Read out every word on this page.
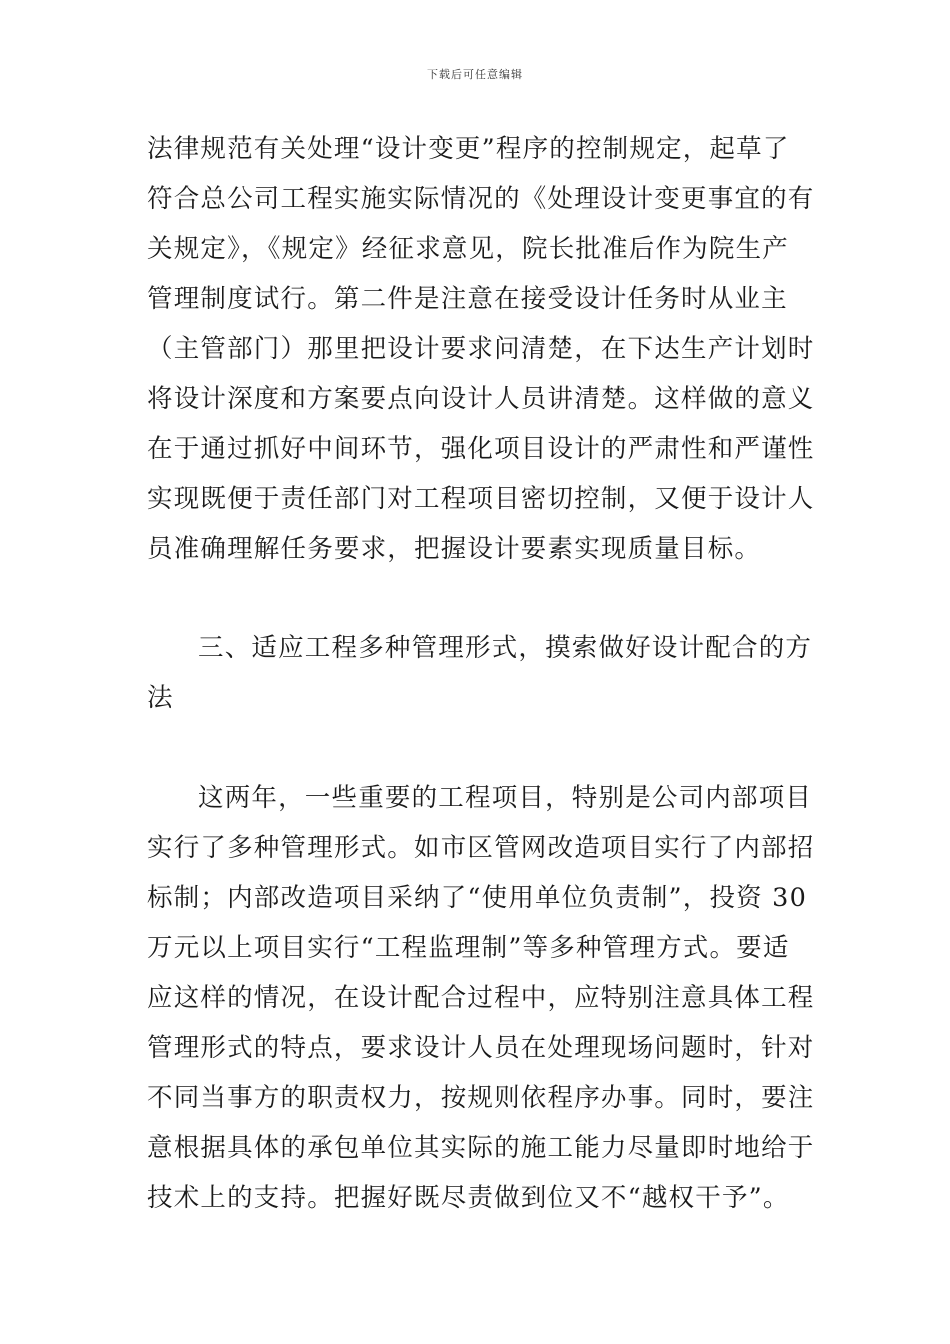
下载后可任意编辑
法律规范有关处理“设计变更”程序的控制规定，起草了
符合总公司工程实施实际情况的《处理设计变更事宜的有
关规定》，《规定》经征求意见，院长批准后作为院生产
管理制度试行。第二件是注意在接受设计任务时从业主
（主管部门）那里把设计要求问清楚，在下达生产计划时
将设计深度和方案要点向设计人员讲清楚。这样做的意义
在于通过抓好中间环节，强化项目设计的严肃性和严谨性
实现既便于责任部门对工程项目密切控制，又便于设计人
员准确理解任务要求，把握设计要素实现质量目标。
三、适应工程多种管理形式，摸索做好设计配合的方
法
这两年，一些重要的工程项目，特别是公司内部项目
实行了多种管理形式。如市区管网改造项目实行了内部招
标制；内部改造项目采纳了“使用单位负责制”，投资 30
万元以上项目实行“工程监理制”等多种管理方式。要适
应这样的情况，在设计配合过程中，应特别注意具体工程
管理形式的特点，要求设计人员在处理现场问题时，针对
不同当事方的职责权力，按规则依程序办事。同时，要注
意根据具体的承包单位其实际的施工能力尽量即时地给于
技术上的支持。把握好既尽责做到位又不“越权干予”。
